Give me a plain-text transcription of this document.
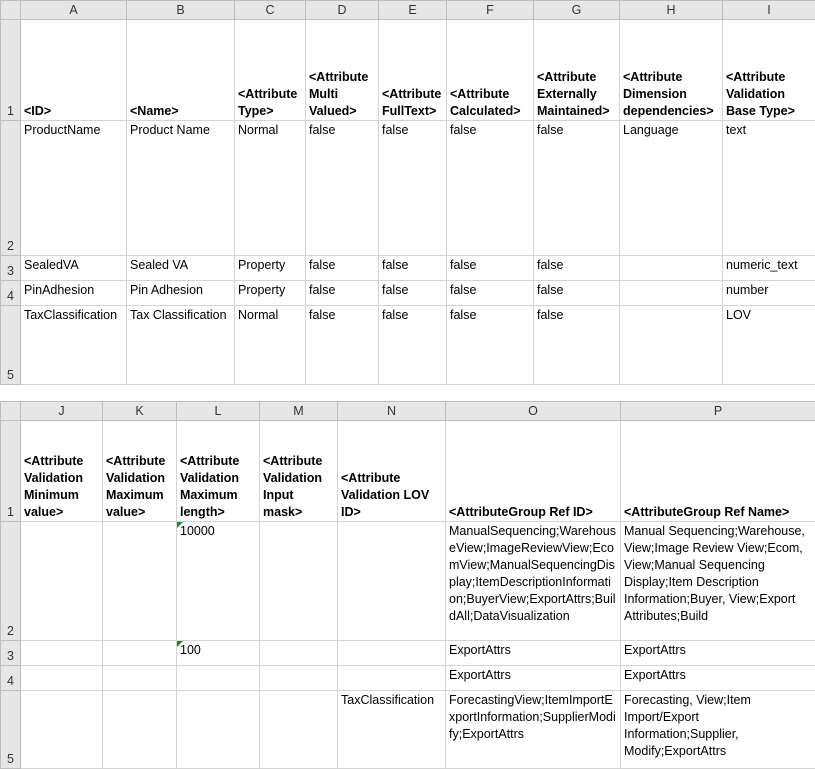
	A	B	C	D	E	F	G	H	I
1	<ID>	<Name>	<Attribute Type>	<Attribute Multi Valued>	<Attribute FullText>	<Attribute Calculated>	<Attribute Externally Maintained>	<Attribute Dimension dependencies>	<Attribute Validation Base Type>
2	ProductName	Product Name	Normal	false	false	false	false	Language	text
3	SealedVA	Sealed VA	Property	false	false	false	false		numeric_text
4	PinAdhesion	Pin Adhesion	Property	false	false	false	false		number
5	TaxClassification	Tax Classification	Normal	false	false	false	false		LOV
	J	K	L	M	N	O	P
1	<Attribute Validation Minimum value>	<Attribute Validation Maximum value>	<Attribute Validation Maximum length>	<Attribute Validation Input mask>	<Attribute Validation LOV ID>	<AttributeGroup Ref ID>	<AttributeGroup Ref Name>
2			10000			ManualSequencing;WarehouseView;ImageReviewView;EcomView;ManualSequencingDisplay;ItemDescriptionInformation;BuyerView;ExportAttrs;BuildAll;DataVisualization	Manual Sequencing;Warehouse, View;Image Review View;Ecom, View;Manual Sequencing Display;Item Description Information;Buyer, View;Export Attributes;Build
3			100			ExportAttrs	ExportAttrs
4						ExportAttrs	ExportAttrs
5					TaxClassification	ForecastingView;ItemImportExportInformation;SupplierModify;ExportAttrs	Forecasting, View;Item Import/Export Information;Supplier, Modify;ExportAttrs
